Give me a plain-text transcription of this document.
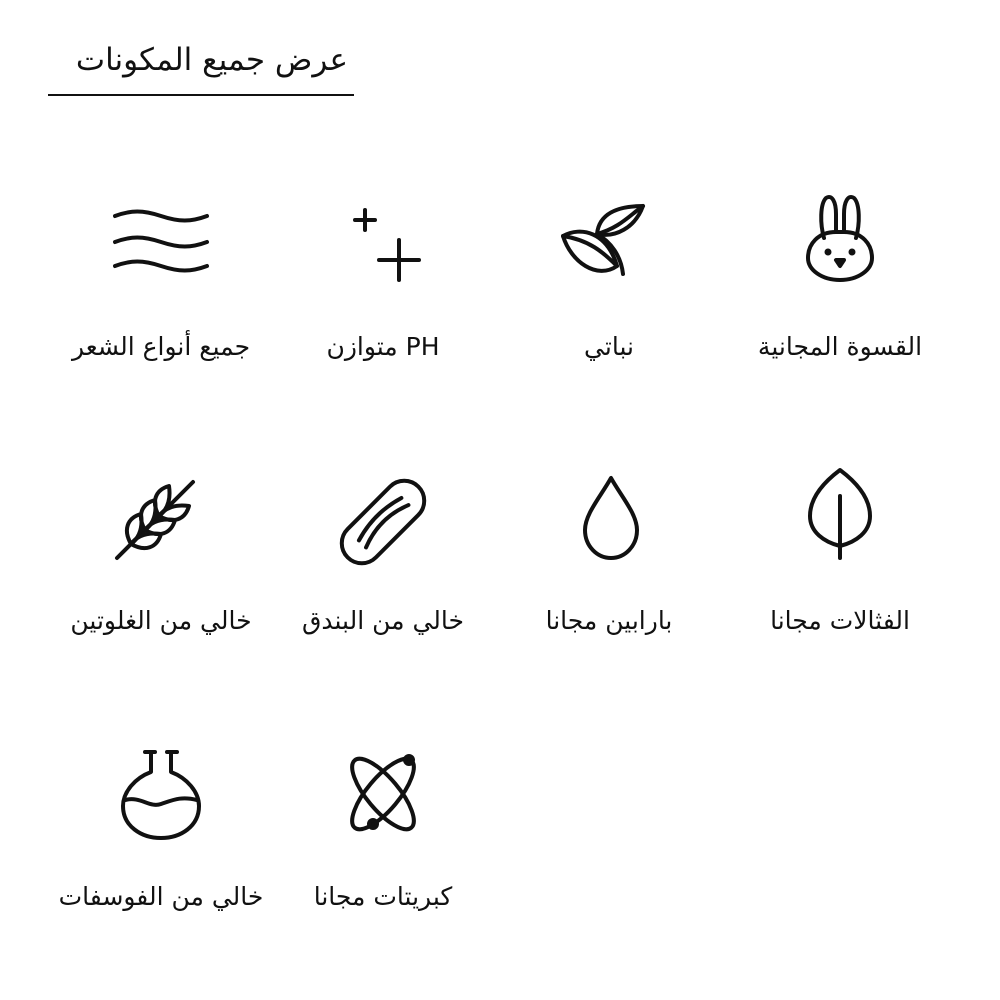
عرض جميع المكونات
القسوة المجانية
نباتي
PH متوازن
جميع أنواع الشعر
الفثالات مجانا
بارابين مجانا
خالي من البندق
خالي من الغلوتين
كبريتات مجانا
خالي من الفوسفات
